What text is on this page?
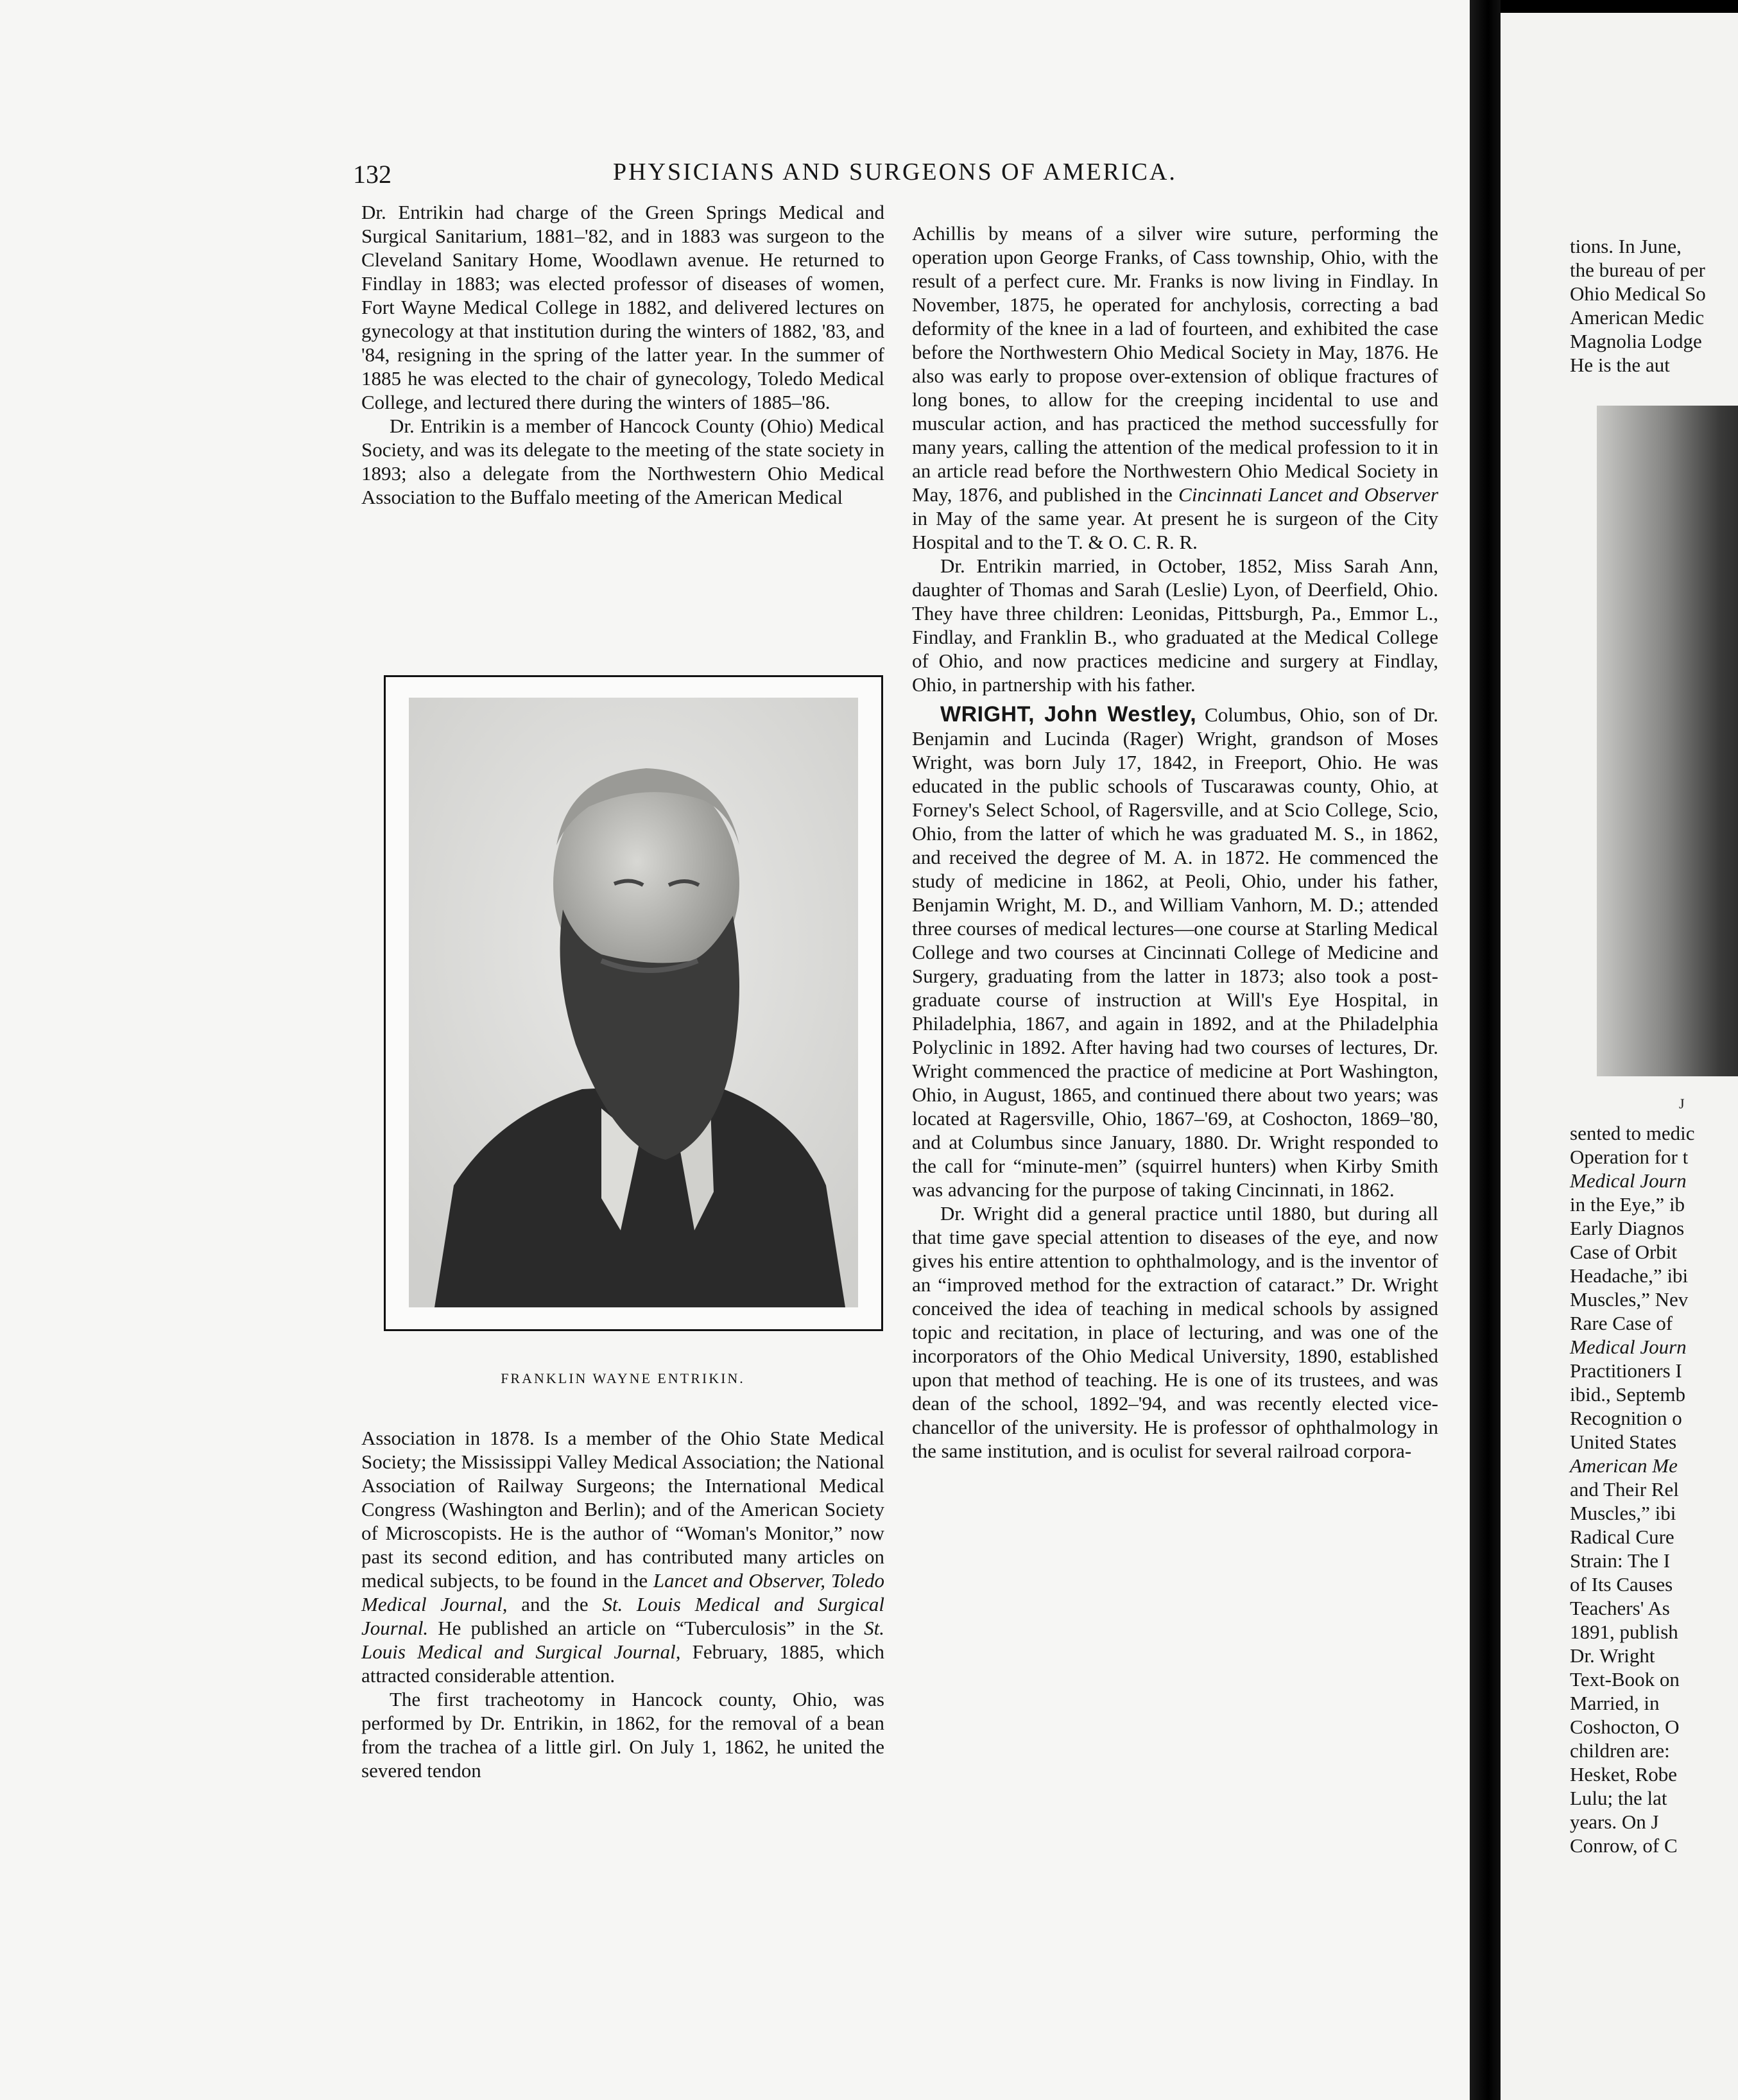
132	PHYSICIANS AND SURGEONS OF AMERICA.

Dr. Entrikin had charge of the Green Springs Medical and Surgical Sanitarium, 1881–'82, and in 1883 was surgeon to the Cleveland Sanitary Home, Woodlawn avenue. He returned to Findlay in 1883; was elected professor of diseases of women, Fort Wayne Medical College in 1882, and delivered lectures on gynecology at that institution during the winters of 1882, '83, and '84, resigning in the spring of the latter year. In the summer of 1885 he was elected to the chair of gynecology, Toledo Medical College, and lectured there during the winters of 1885–'86.

Dr. Entrikin is a member of Hancock County (Ohio) Medical Society, and was its delegate to the meeting of the state society in 1893; also a delegate from the Northwestern Ohio Medical Association to the Buffalo meeting of the American Medical

FRANKLIN WAYNE ENTRIKIN.

Association in 1878. Is a member of the Ohio State Medical Society; the Mississippi Valley Medical Association; the National Association of Railway Surgeons; the International Medical Congress (Washington and Berlin); and of the American Society of Microscopists. He is the author of “Woman's Monitor,” now past its second edition, and has contributed many articles on medical subjects, to be found in the Lancet and Observer, Toledo Medical Journal, and the St. Louis Medical and Surgical Journal. He published an article on “Tuberculosis” in the St. Louis Medical and Surgical Journal, February, 1885, which attracted considerable attention.

The first tracheotomy in Hancock county, Ohio, was performed by Dr. Entrikin, in 1862, for the removal of a bean from the trachea of a little girl. On July 1, 1862, he united the severed tendon

Achillis by means of a silver wire suture, performing the operation upon George Franks, of Cass township, Ohio, with the result of a perfect cure. Mr. Franks is now living in Findlay. In November, 1875, he operated for anchylosis, correcting a bad deformity of the knee in a lad of fourteen, and exhibited the case before the Northwestern Ohio Medical Society in May, 1876. He also was early to propose over-extension of oblique fractures of long bones, to allow for the creeping incidental to use and muscular action, and has practiced the method successfully for many years, calling the attention of the medical profession to it in an article read before the Northwestern Ohio Medical Society in May, 1876, and published in the Cincinnati Lancet and Observer in May of the same year. At present he is surgeon of the City Hospital and to the T. & O. C. R. R.

Dr. Entrikin married, in October, 1852, Miss Sarah Ann, daughter of Thomas and Sarah (Leslie) Lyon, of Deerfield, Ohio. They have three children: Leonidas, Pittsburgh, Pa., Emmor L., Findlay, and Franklin B., who graduated at the Medical College of Ohio, and now practices medicine and surgery at Findlay, Ohio, in partnership with his father.

WRIGHT, John Westley, Columbus, Ohio, son of Dr. Benjamin and Lucinda (Rager) Wright, grandson of Moses Wright, was born July 17, 1842, in Freeport, Ohio. He was educated in the public schools of Tuscarawas county, Ohio, at Forney's Select School, of Ragersville, and at Scio College, Scio, Ohio, from the latter of which he was graduated M. S., in 1862, and received the degree of M. A. in 1872. He commenced the study of medicine in 1862, at Peoli, Ohio, under his father, Benjamin Wright, M. D., and William Vanhorn, M. D.; attended three courses of medical lectures—one course at Starling Medical College and two courses at Cincinnati College of Medicine and Surgery, graduating from the latter in 1873; also took a post-graduate course of instruction at Will's Eye Hospital, in Philadelphia, 1867, and again in 1892, and at the Philadelphia Polyclinic in 1892. After having had two courses of lectures, Dr. Wright commenced the practice of medicine at Port Washington, Ohio, in August, 1865, and continued there about two years; was located at Ragersville, Ohio, 1867–'69, at Coshocton, 1869–'80, and at Columbus since January, 1880. Dr. Wright responded to the call for “minute-men” (squirrel hunters) when Kirby Smith was advancing for the purpose of taking Cincinnati, in 1862.

Dr. Wright did a general practice until 1880, but during all that time gave special attention to diseases of the eye, and now gives his entire attention to ophthalmology, and is the inventor of an “improved method for the extraction of cataract.” Dr. Wright conceived the idea of teaching in medical schools by assigned topic and recitation, in place of lecturing, and was one of the incorporators of the Ohio Medical University, 1890, established upon that method of teaching. He is one of its trustees, and was dean of the school, 1892–'94, and was recently elected vice-chancellor of the university. He is professor of ophthalmology in the same institution, and is oculist for several railroad corpora-

tions. In June,
the bureau of per
Ohio Medical So
American Medic
Magnolia Lodge
He is the aut

J

sented to medic
Operation for t
Medical Journ
in the Eye,” ib
Early Diagnos
Case of Orbit
Headache,” ibi
Muscles,” Nev
Rare Case of
Medical Journ
Practitioners I
ibid., Septemb
Recognition o
United States
American Me
and Their Rel
Muscles,” ibi
Radical Cure
Strain: The I
of Its Causes
Teachers' As
1891, publish
Dr. Wright
Text-Book on
Married, in
Coshocton, O
children are:
Hesket, Robe
Lulu; the lat
years. On J
Conrow, of C
